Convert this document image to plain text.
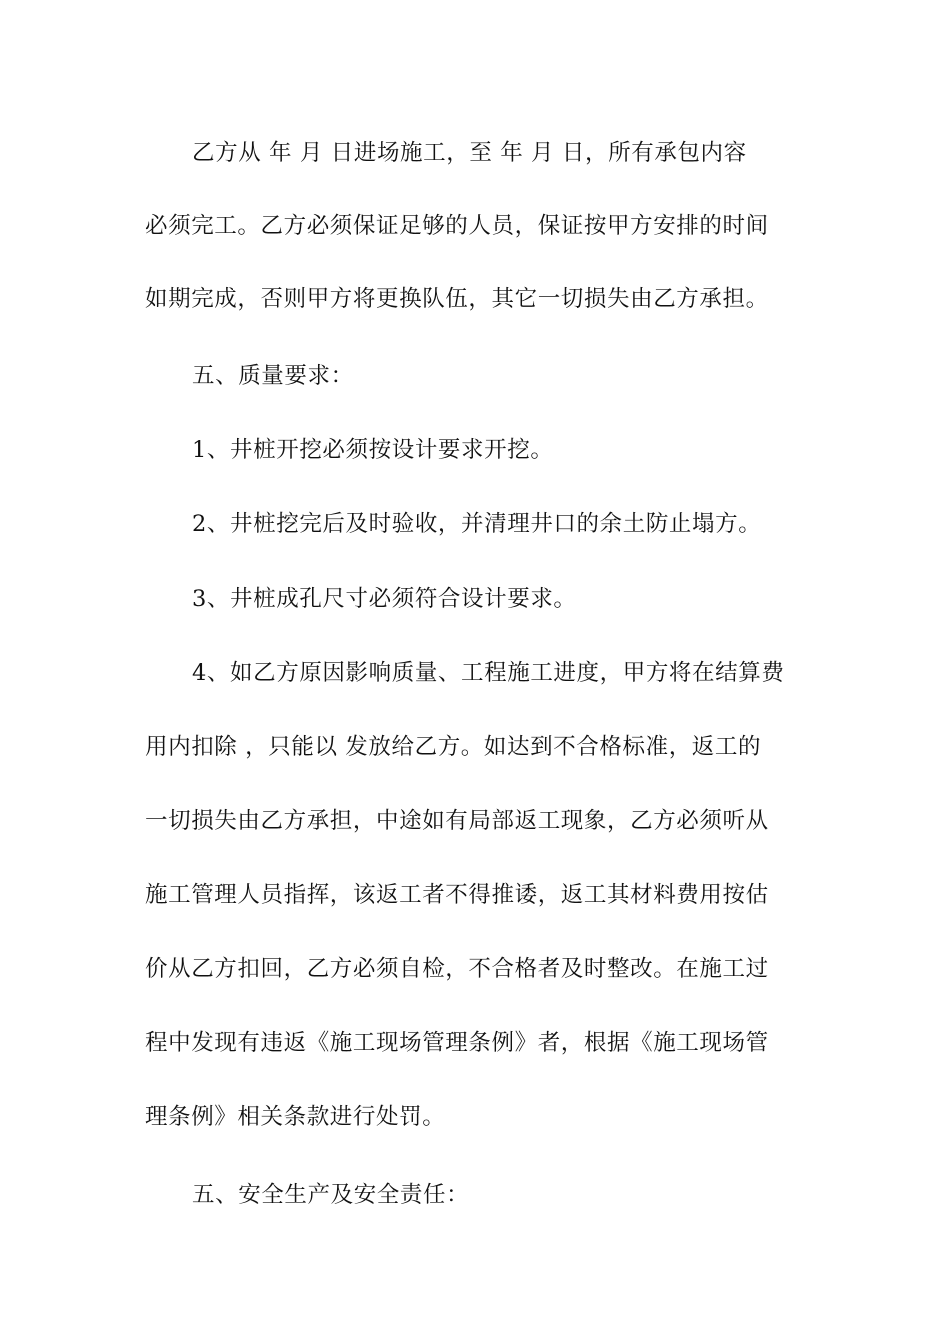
乙方从 年 月 日进场施工，至 年 月 日，所有承包内容
必须完工。乙方必须保证足够的人员，保证按甲方安排的时间
如期完成，否则甲方将更换队伍，其它一切损失由乙方承担。
五、质量要求：
1、井桩开挖必须按设计要求开挖。
2、井桩挖完后及时验收，并清理井口的余土防止塌方。
3、井桩成孔尺寸必须符合设计要求。
4、如乙方原因影响质量、工程施工进度，甲方将在结算费
用内扣除 ，只能以 发放给乙方。如达到不合格标准，返工的
一切损失由乙方承担，中途如有局部返工现象，乙方必须听从
施工管理人员指挥，该返工者不得推诿，返工其材料费用按估
价从乙方扣回，乙方必须自检，不合格者及时整改。在施工过
程中发现有违返《施工现场管理条例》者，根据《施工现场管
理条例》相关条款进行处罚。
五、安全生产及安全责任：
